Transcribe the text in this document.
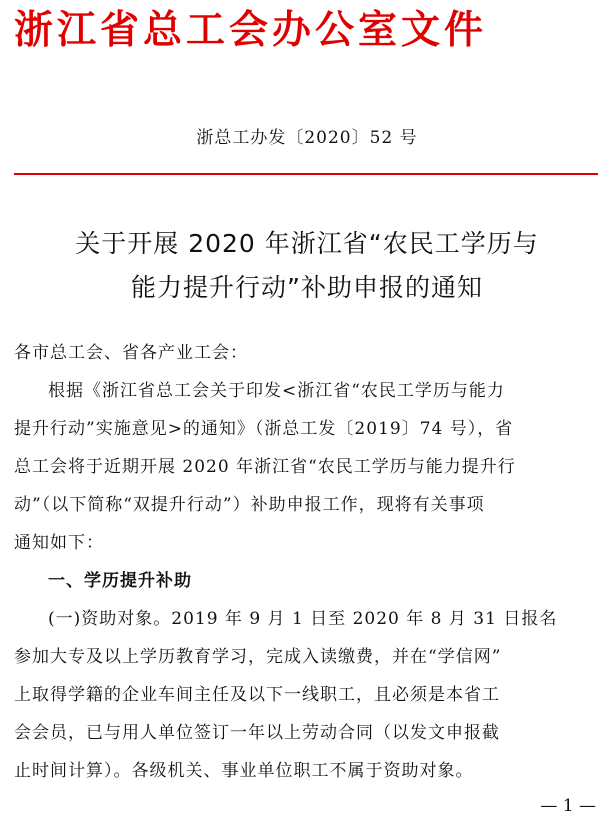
浙江省总工会办公室文件
浙总工办发〔2020〕52 号
关于开展 2020 年浙江省“农民工学历与
能力提升行动”补助申报的通知

各市总工会、省各产业工会：

根据《浙江省总工会关于印发<浙江省“农民工学历与能力

提升行动”实施意见>的通知》（浙总工发〔2019〕74 号），省

总工会将于近期开展 2020 年浙江省“农民工学历与能力提升行

动”（以下简称“双提升行动”）补助申报工作，现将有关事项

通知如下：

一、学历提升补助

(一)资助对象。2019 年 9 月 1 日至 2020 年 8 月 31 日报名

参加大专及以上学历教育学习，完成入读缴费，并在“学信网”

上取得学籍的企业车间主任及以下一线职工，且必须是本省工

会会员，已与用人单位签订一年以上劳动合同（以发文申报截

止时间计算）。各级机关、事业单位职工不属于资助对象。

— 1 —
